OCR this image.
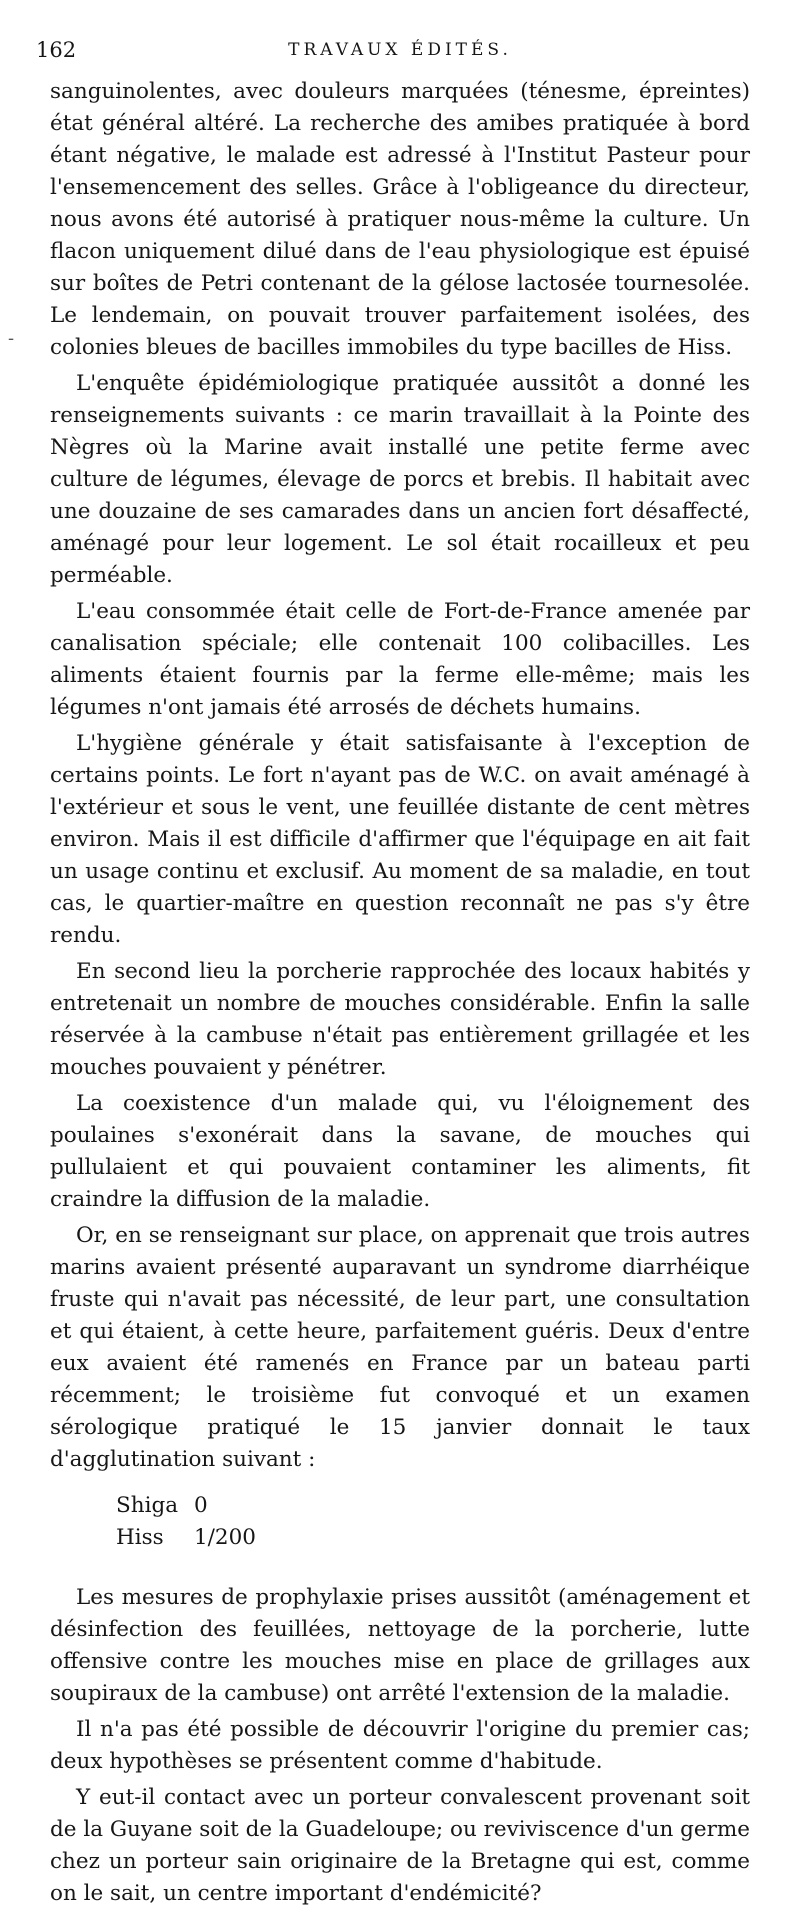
162	TRAVAUX ÉDITÉS.
-

sanguinolentes, avec douleurs marquées (ténesme, épreintes) état général altéré. La recherche des amibes pratiquée à bord étant négative, le malade est adressé à l'Institut Pasteur pour l'ensemencement des selles. Grâce à l'obligeance du directeur, nous avons été autorisé à pratiquer nous-même la culture. Un flacon uniquement dilué dans de l'eau physiologique est épuisé sur boîtes de Petri contenant de la gélose lactosée tournesolée. Le lendemain, on pouvait trouver parfaitement isolées, des colonies bleues de bacilles immobiles du type bacilles de Hiss.

L'enquête épidémiologique pratiquée aussitôt a donné les renseignements suivants : ce marin travaillait à la Pointe des Nègres où la Marine avait installé une petite ferme avec culture de légumes, élevage de porcs et brebis. Il habitait avec une douzaine de ses camarades dans un ancien fort désaffecté, aménagé pour leur logement. Le sol était rocailleux et peu perméable.

L'eau consommée était celle de Fort-de-France amenée par canalisation spéciale; elle contenait 100 colibacilles. Les aliments étaient fournis par la ferme elle-même; mais les légumes n'ont jamais été arrosés de déchets humains.

L'hygiène générale y était satisfaisante à l'exception de certains points. Le fort n'ayant pas de W.C. on avait aménagé à l'extérieur et sous le vent, une feuillée distante de cent mètres environ. Mais il est difficile d'affirmer que l'équipage en ait fait un usage continu et exclusif. Au moment de sa maladie, en tout cas, le quartier-maître en question reconnaît ne pas s'y être rendu.

En second lieu la porcherie rapprochée des locaux habités y entretenait un nombre de mouches considérable. Enfin la salle réservée à la cambuse n'était pas entièrement grillagée et les mouches pouvaient y pénétrer.

La coexistence d'un malade qui, vu l'éloignement des poulaines s'exonérait dans la savane, de mouches qui pullulaient et qui pouvaient contaminer les aliments, fit craindre la diffusion de la maladie.

Or, en se renseignant sur place, on apprenait que trois autres marins avaient présenté auparavant un syndrome diarrhéique fruste qui n'avait pas nécessité, de leur part, une consultation et qui étaient, à cette heure, parfaitement guéris. Deux d'entre eux avaient été ramenés en France par un bateau parti récemment; le troisième fut convoqué et un examen sérologique pratiqué le 15 janvier donnait le taux d'agglutination suivant :

Shiga 0
Hiss	1/200

Les mesures de prophylaxie prises aussitôt (aménagement et désinfection des feuillées, nettoyage de la porcherie, lutte offensive contre les mouches mise en place de grillages aux soupiraux de la cambuse) ont arrêté l'extension de la maladie.

Il n'a pas été possible de découvrir l'origine du premier cas; deux hypothèses se présentent comme d'habitude.

Y eut-il contact avec un porteur convalescent provenant soit de la Guyane soit de la Guadeloupe; ou reviviscence d'un germe chez un porteur sain originaire de la Bretagne qui est, comme on le sait, un centre important d'endémicité?
